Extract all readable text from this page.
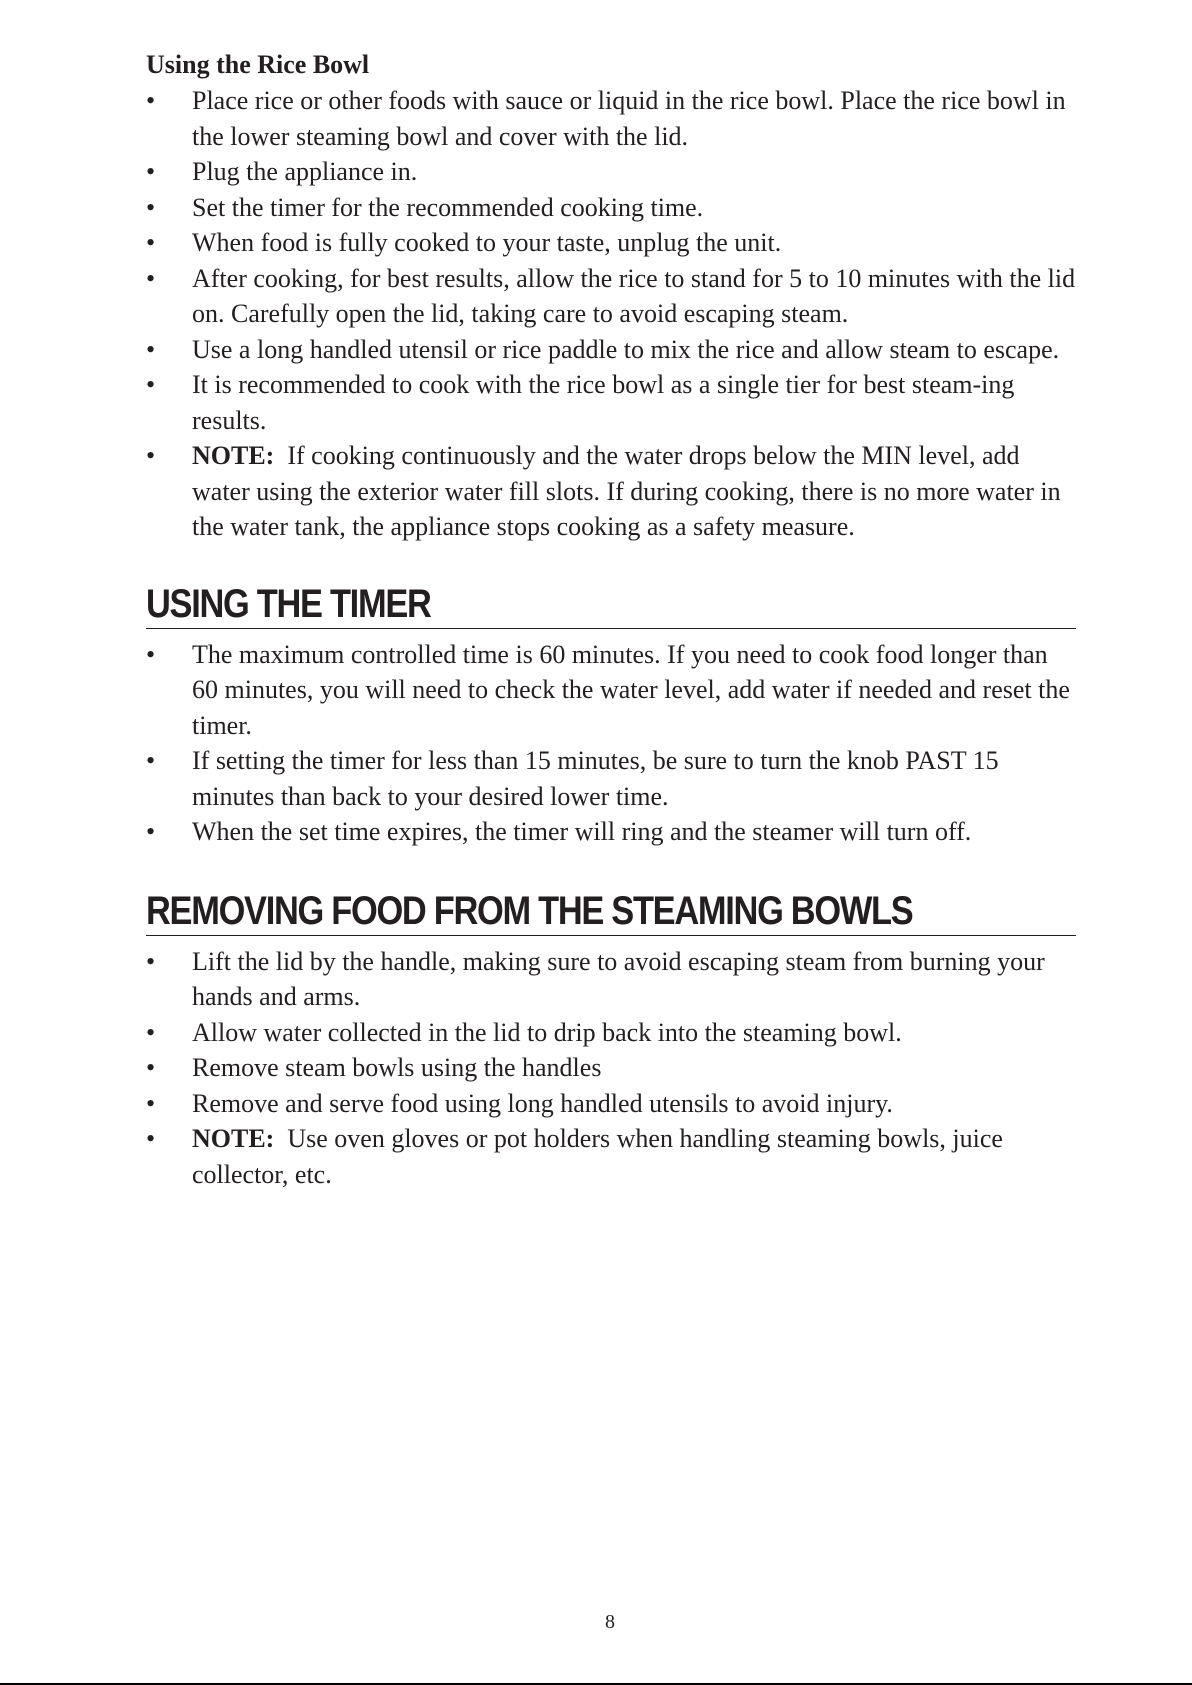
Using the Rice Bowl
• Place rice or other foods with sauce or liquid in the rice bowl. Place the rice bowl in the lower steaming bowl and cover with the lid.
• Plug the appliance in.
• Set the timer for the recommended cooking time.
• When food is fully cooked to your taste, unplug the unit.
• After cooking, for best results, allow the rice to stand for 5 to 10 minutes with the lid on. Carefully open the lid, taking care to avoid escaping steam.
• Use a long handled utensil or rice paddle to mix the rice and allow steam to escape.
• It is recommended to cook with the rice bowl as a single tier for best steam-ing results.
• NOTE: If cooking continuously and the water drops below the MIN level, add water using the exterior water fill slots. If during cooking, there is no more water in the water tank, the appliance stops cooking as a safety measure.
USING THE TIMER
• The maximum controlled time is 60 minutes. If you need to cook food longer than 60 minutes, you will need to check the water level, add water if needed and reset the timer.
• If setting the timer for less than 15 minutes, be sure to turn the knob PAST 15 minutes than back to your desired lower time.
• When the set time expires, the timer will ring and the steamer will turn off.
REMOVING FOOD FROM THE STEAMING BOWLS
• Lift the lid by the handle, making sure to avoid escaping steam from burning your hands and arms.
• Allow water collected in the lid to drip back into the steaming bowl.
• Remove steam bowls using the handles
• Remove and serve food using long handled utensils to avoid injury.
• NOTE: Use oven gloves or pot holders when handling steaming bowls, juice collector, etc.
8
